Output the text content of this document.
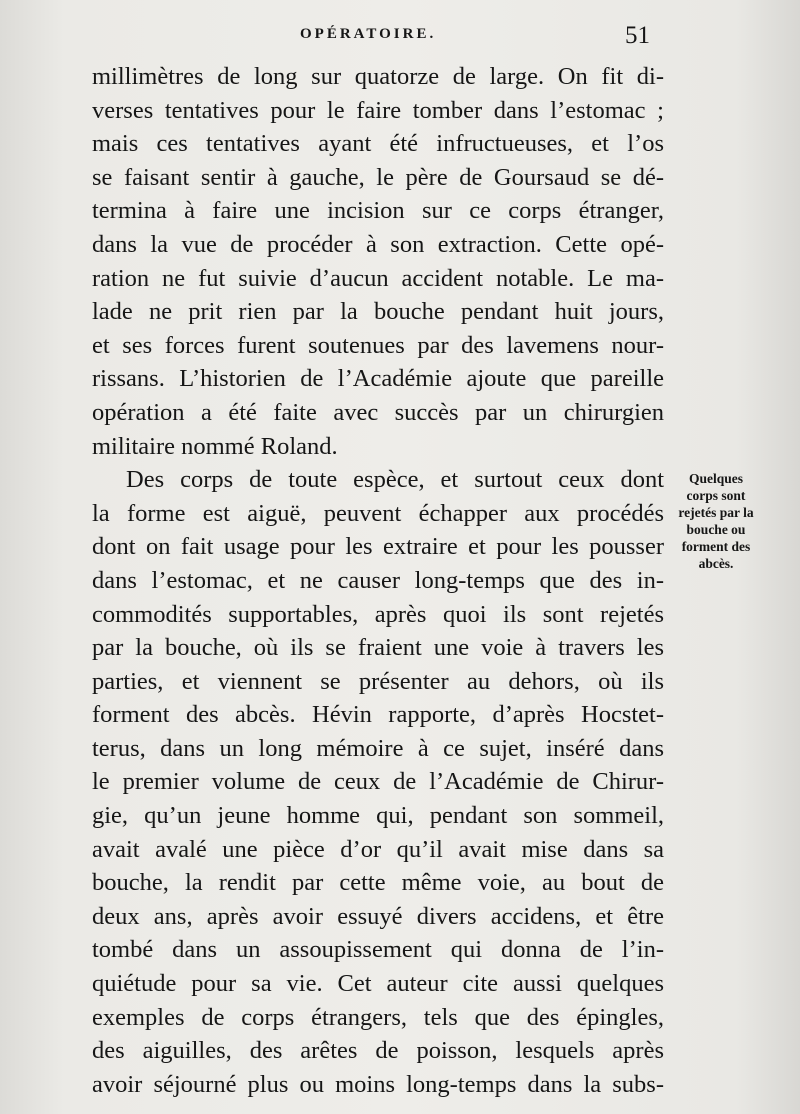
OPÉRATOIRE.	51
millimètres de long sur quatorze de large. On fit di-
verses tentatives pour le faire tomber dans l’estomac ;
mais ces tentatives ayant été infructueuses, et l’os
se faisant sentir à gauche, le père de Goursaud se dé-
termina à faire une incision sur ce corps étranger,
dans la vue de procéder à son extraction. Cette opé-
ration ne fut suivie d’aucun accident notable. Le ma-
lade ne prit rien par la bouche pendant huit jours,
et ses forces furent soutenues par des lavemens nour-
rissans. L’historien de l’Académie ajoute que pareille
opération a été faite avec succès par un chirurgien
militaire nommé Roland.
Des corps de toute espèce, et surtout ceux dont
la forme est aiguë, peuvent échapper aux procédés
dont on fait usage pour les extraire et pour les pousser
dans l’estomac, et ne causer long-temps que des in-
commodités supportables, après quoi ils sont rejetés
par la bouche, où ils se fraient une voie à travers les
parties, et viennent se présenter au dehors, où ils
forment des abcès. Hévin rapporte, d’après Hocstet-
terus, dans un long mémoire à ce sujet, inséré dans
le premier volume de ceux de l’Académie de Chirur-
gie, qu’un jeune homme qui, pendant son sommeil,
avait avalé une pièce d’or qu’il avait mise dans sa
bouche, la rendit par cette même voie, au bout de
deux ans, après avoir essuyé divers accidens, et être
tombé dans un assoupissement qui donna de l’in-
quiétude pour sa vie. Cet auteur cite aussi quelques
exemples de corps étrangers, tels que des épingles,
des aiguilles, des arêtes de poisson, lesquels après
avoir séjourné plus ou moins long-temps dans la subs-
Quelques
corps sont
rejetés par la
bouche ou
forment des
abcès.
